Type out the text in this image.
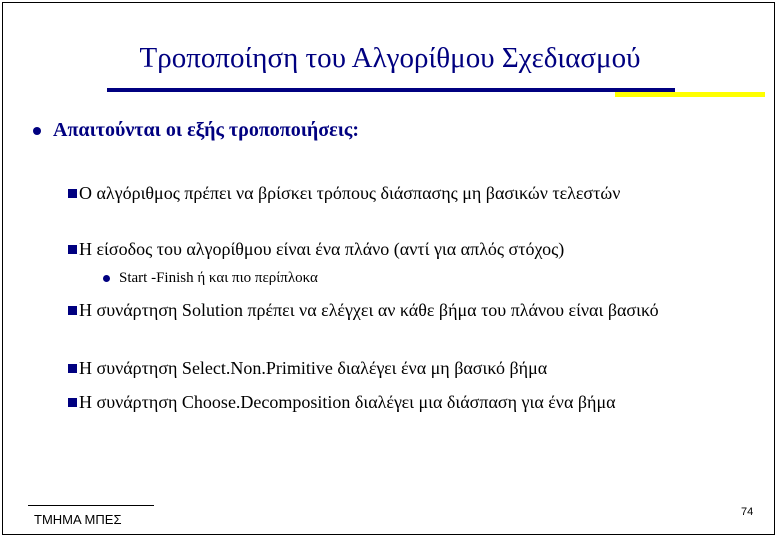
Τροποποίηση του Αλγορίθμου Σχεδιασμού
Απαιτούνται οι εξής τροποποιήσεις:
Ο αλγόριθμος πρέπει να βρίσκει τρόπους διάσπασης μη βασικών τελεστών
Η είσοδος του αλγορίθμου είναι ένα πλάνο (αντί για απλός στόχος)
Start -Finish ή και πιο περίπλοκα
Η συνάρτηση Solution πρέπει να ελέγχει αν κάθε βήμα του πλάνου είναι βασικό
Η συνάρτηση Select.Non.Primitive διαλέγει ένα μη βασικό βήμα
Η συνάρτηση Choose.Decomposition διαλέγει μια διάσπαση για ένα βήμα
ΤΜΗΜΑ ΜΠΕΣ	74
